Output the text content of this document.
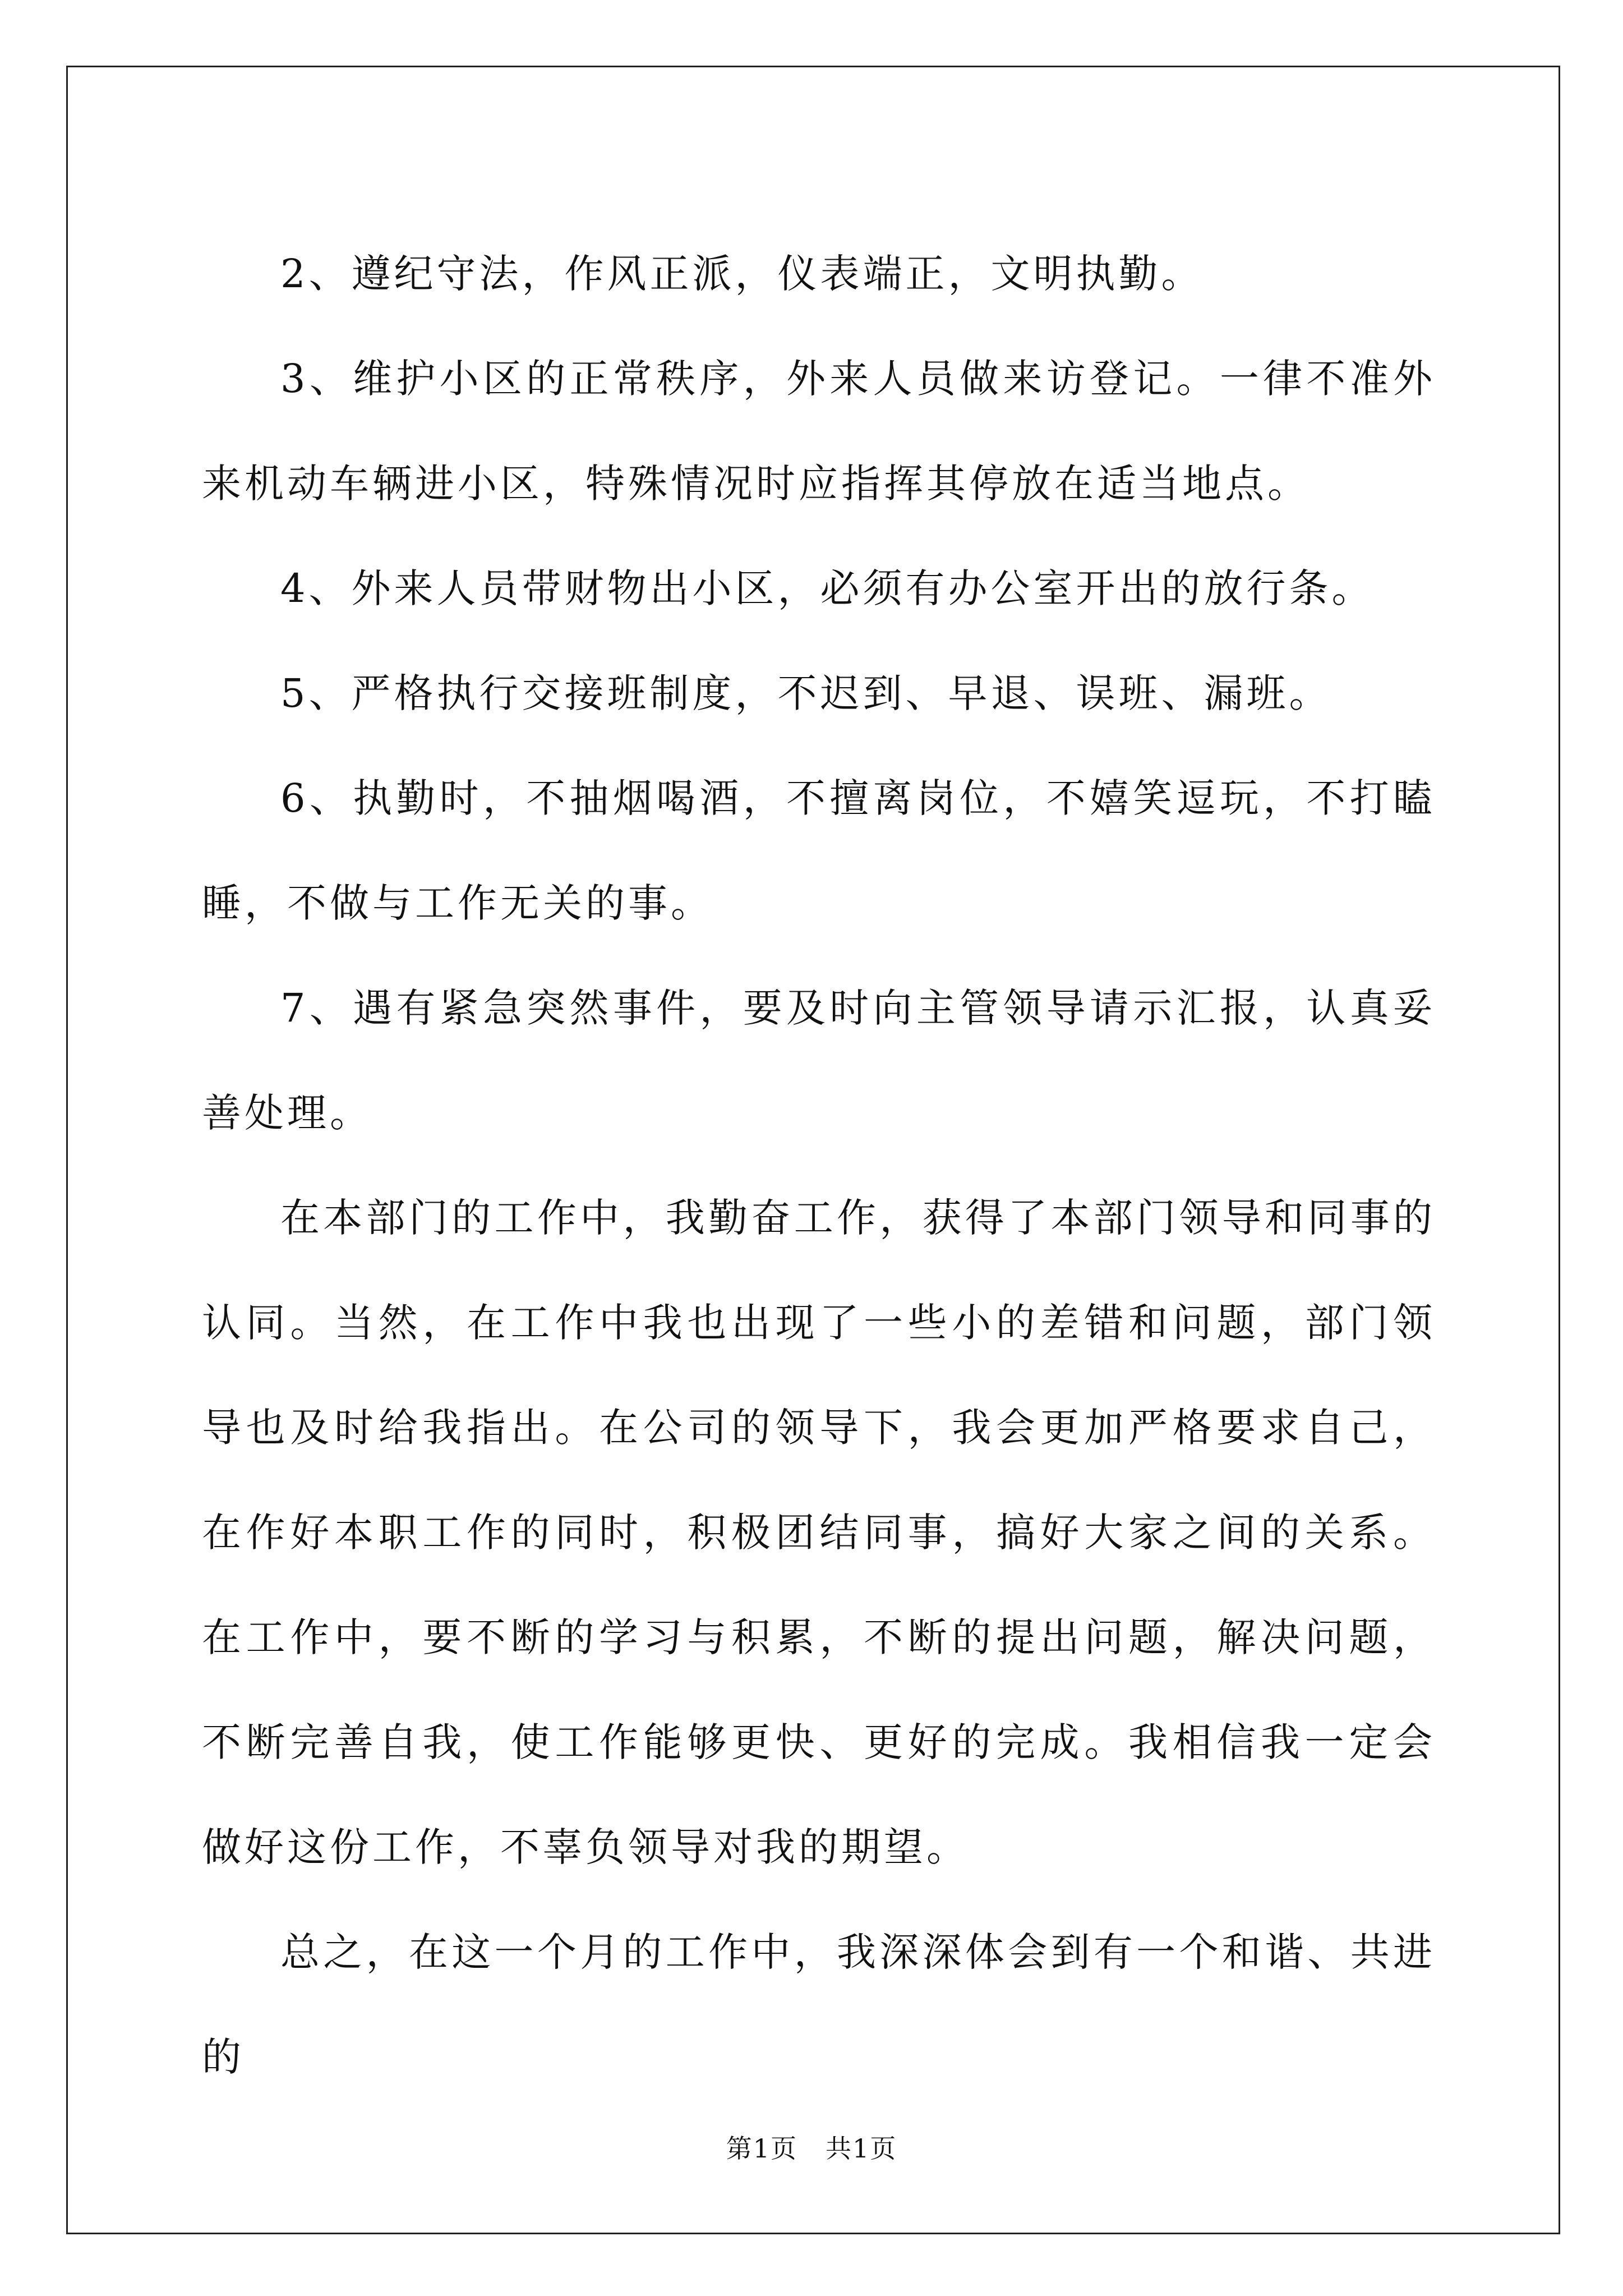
2、遵纪守法，作风正派，仪表端正，文明执勤。

3、维护小区的正常秩序，外来人员做来访登记。一律不准外来机动车辆进小区，特殊情况时应指挥其停放在适当地点。

4、外来人员带财物出小区，必须有办公室开出的放行条。

5、严格执行交接班制度，不迟到、早退、误班、漏班。

6、执勤时，不抽烟喝酒，不擅离岗位，不嬉笑逗玩，不打瞌睡，不做与工作无关的事。

7、遇有紧急突然事件，要及时向主管领导请示汇报，认真妥善处理。

在本部门的工作中，我勤奋工作，获得了本部门领导和同事的认同。当然，在工作中我也出现了一些小的差错和问题，部门领导也及时给我指出。在公司的领导下，我会更加严格要求自己，在作好本职工作的同时，积极团结同事，搞好大家之间的关系。在工作中，要不断的学习与积累，不断的提出问题，解决问题，不断完善自我，使工作能够更快、更好的完成。我相信我一定会做好这份工作，不辜负领导对我的期望。

总之，在这一个月的工作中，我深深体会到有一个和谐、共进的

第1页 共1页
